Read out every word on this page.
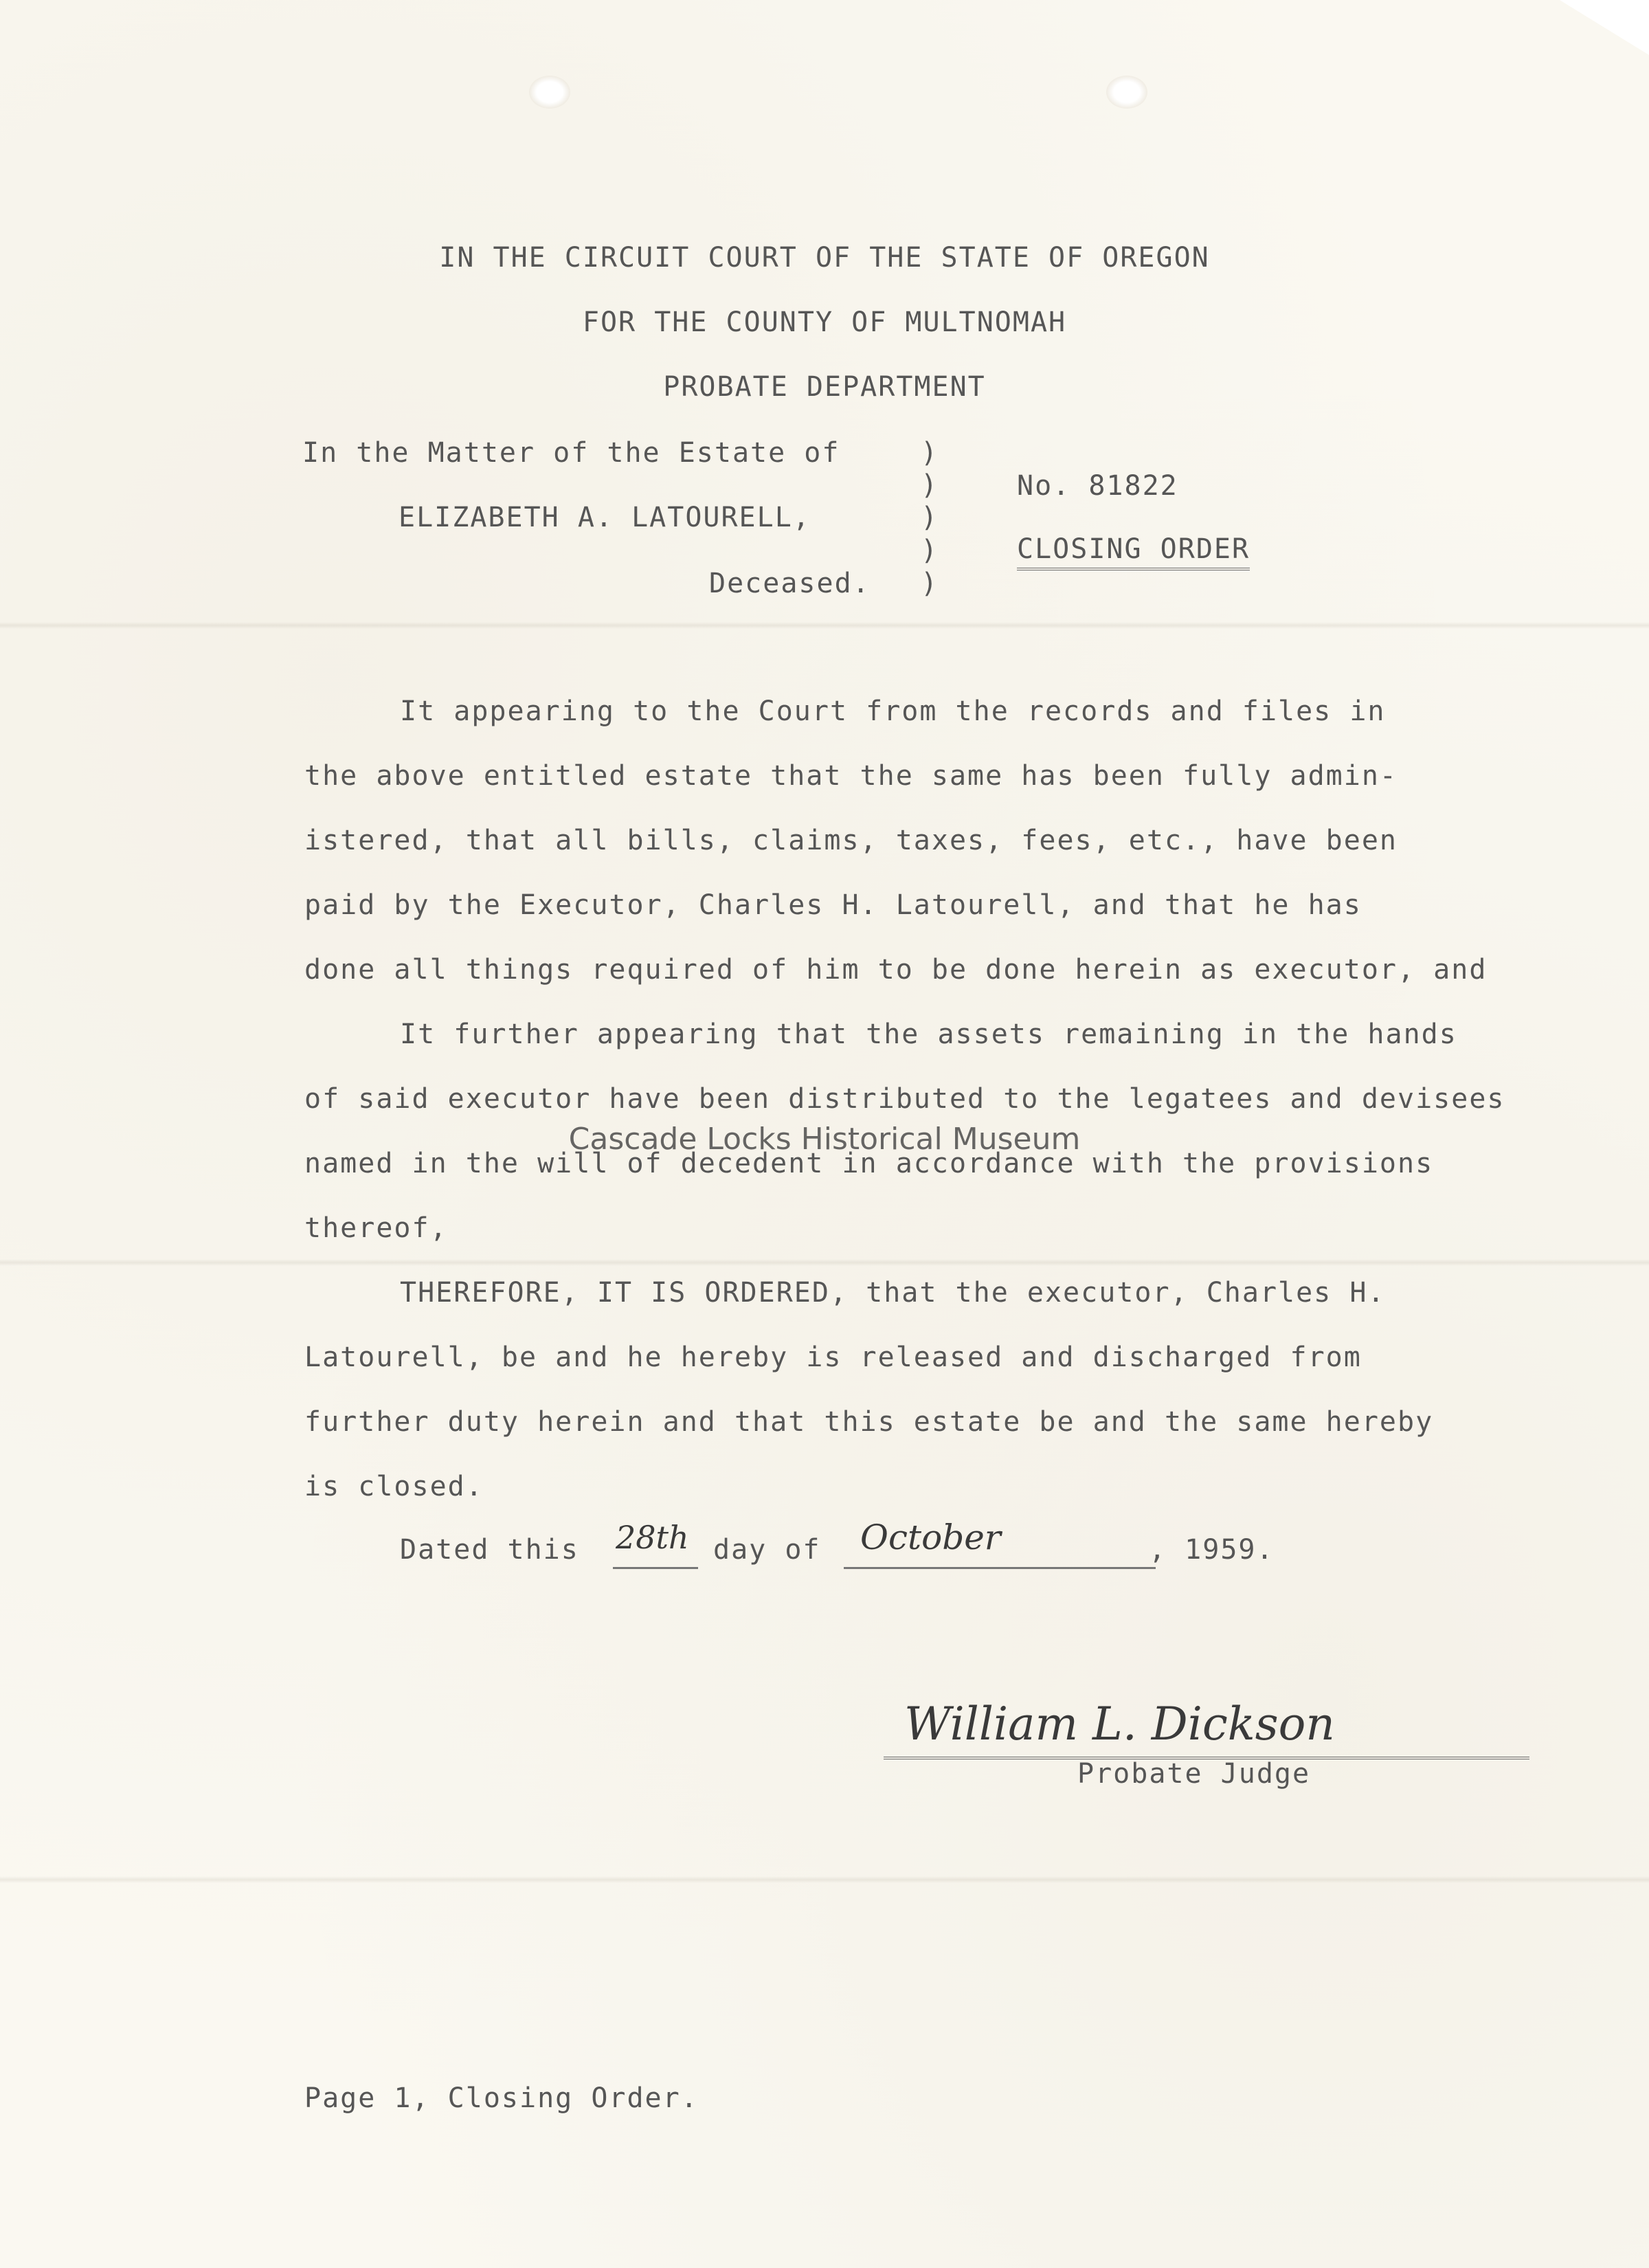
IN THE CIRCUIT COURT OF THE STATE OF OREGON
FOR THE COUNTY OF MULTNOMAH
PROBATE DEPARTMENT
In the Matter of the Estate of
ELIZABETH A. LATOURELL,
Deceased.
)
)
)
)
)
No. 81822
CLOSING ORDER
It appearing to the Court from the records and files in
the above entitled estate that the same has been fully admin-
istered, that all bills, claims, taxes, fees, etc., have been
paid by the Executor, Charles H. Latourell, and that he has
done all things required of him to be done herein as executor, and
It further appearing that the assets remaining in the hands
of said executor have been distributed to the legatees and devisees
named in the will of decedent in accordance with the provisions
thereof,
THEREFORE, IT IS ORDERED, that the executor, Charles H.
Latourell, be and he hereby is released and discharged from
further duty herein and that this estate be and the same hereby
is closed.
Cascade Locks Historical Museum
Dated this 28th day of October	, 1959.
William L. Dickson
Probate Judge
Page 1, Closing Order.
